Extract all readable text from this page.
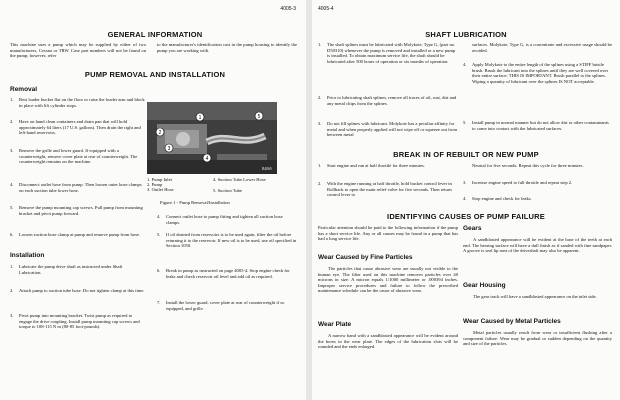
4005-3
GENERAL INFORMATION
This machine uses a pump which may be supplied by either of two manufacturers, Cessna or TRW. Case part numbers will not be found on the pump; however, refer
to the manufacturer's identification cast in the pump housing to identify the pump you are working with.
PUMP REMOVAL AND INSTALLATION
Removal
1. Rest loader bucket flat on the floor or raise the loader arm and block in place with lift cylinder stops.
2. Have on hand clean containers and drain pan that will hold approximately 64 liters (17 U.S. gallons). Then drain the right and left-hand reservoirs.
3. Remove the grille and lower guard. If equipped with a counterweight, remove cover plate at rear of counterweight. The counterweight remains on the machine.
4. Disconnect outlet hose from pump. Then loosen outer hose clamps on each suction tube lower hose.
5. Remove the pump mounting cap screws. Pull pump from mounting bracket and pivot pump forward.
6. Loosen suction hose clamp at pump and remove pump from hose.
Installation
1. Lubricate the pump drive shaft as instructed under Shaft Lubrication.
2. Attach pump to suction tube hose. Do not tighten clamp at this time.
3. Pivot pump into mounting bracket. Twist pump as required to engage the drive coupling. Install pump mounting cap screws and torque to 108-115 N m (80-85 foot-pounds).
1
2
3
4
5
B4060
1. Pump Inlet
2. Pump
3. Outlet Hose
4. Suction Tube Lower Hose
5. Suction Tube
Figure 1 - Pump Removal/Installation
4. Connect outlet hose to pump fitting and tighten all suction hose clamps.
5. If oil drained from reservoirs is to be used again, filter the oil before returning it to the reservoir. If new oil is to be used, use oil specified in Section 1050.
6. Break in pump as instructed on page 4005-4. Stop engine check for leaks and check reservoir oil level and add oil as required.
7. Install the lower guard, cover plate at rear of counterweight if so equipped, and grille.
4005-4
SHAFT LUBRICATION
1. The shaft splines must be lubricated with Molykote, Type G, (part no. D50310) whenever the pump is removed and installed or a new pump is installed. To obtain maximum service life, the shaft should be lubricated after 500 hours of operation or six months of operation.
2. Prior to lubricating shaft splines, remove all traces of oil, rust, dirt and any metal chips from the splines.
3. Do not fill splines with lubricant. Molykote has a peculiar affinity for metal and when properly applied will not wipe off or squeeze out from between metal
surfaces. Molykote, Type G, is a concentrate and excessive usage should be avoided.
4. Apply Molykote to the entire length of the splines using a STIFF bristle brush. Brush the lubricant into the splines until they are well covered over their entire surface; THIS IS IMPORTANT. Brush parallel to the splines. Wiping a quantity of lubricant over the splines IS NOT acceptable.
5. Install pump in normal manner but do not allow dirt or other contaminants to come into contact with the lubricated surfaces.
BREAK IN OF REBUILT OR NEW PUMP
1. Start engine and run at half throttle for three minutes.
2. With the engine running at half throttle, hold bucket control lever in Rollback to open the main relief valve for five seconds. Then return control lever to
Neutral for five seconds. Repeat this cycle for three minutes.
3. Increase engine speed to full throttle and repeat step 2.
4. Stop engine and check for leaks.
IDENTIFYING CAUSES OF PUMP FAILURE
Particular attention should be paid to the following information if the pump has a short service life. Any or all causes may be found in a pump that has had a long service life.
Wear Caused by Fine Particles
The particles that cause abrasive wear are usually not visible to the human eye. The filter used on this machine removes particles over 40 microns in size. A micron equals 1/1000 millimeter or .000394 inches. Improper service procedures and failure to follow the prescribed maintenance schedule can be the cause of abrasive wear.
Wear Plate
A narrow band with a sandblasted appearance will be evident around the bores in the wear plate. The edges of the lubrication slots will be rounded and the ends enlarged.
Gears
A sandblasted appearance will be evident at the base of the teeth at each end. The bearing surface will have a dull finish as if sanded with fine sandpaper. A groove is seal lip area of the driveshaft may also be apparent.
Gear Housing
The gear track will have a sandblasted appearance on the inlet side.
Wear Caused by Metal Particles
Metal particles usually result from wear or insufficient flushing after a component failure. Wear may be gradual or sudden depending on the quantity and size of the particles.
